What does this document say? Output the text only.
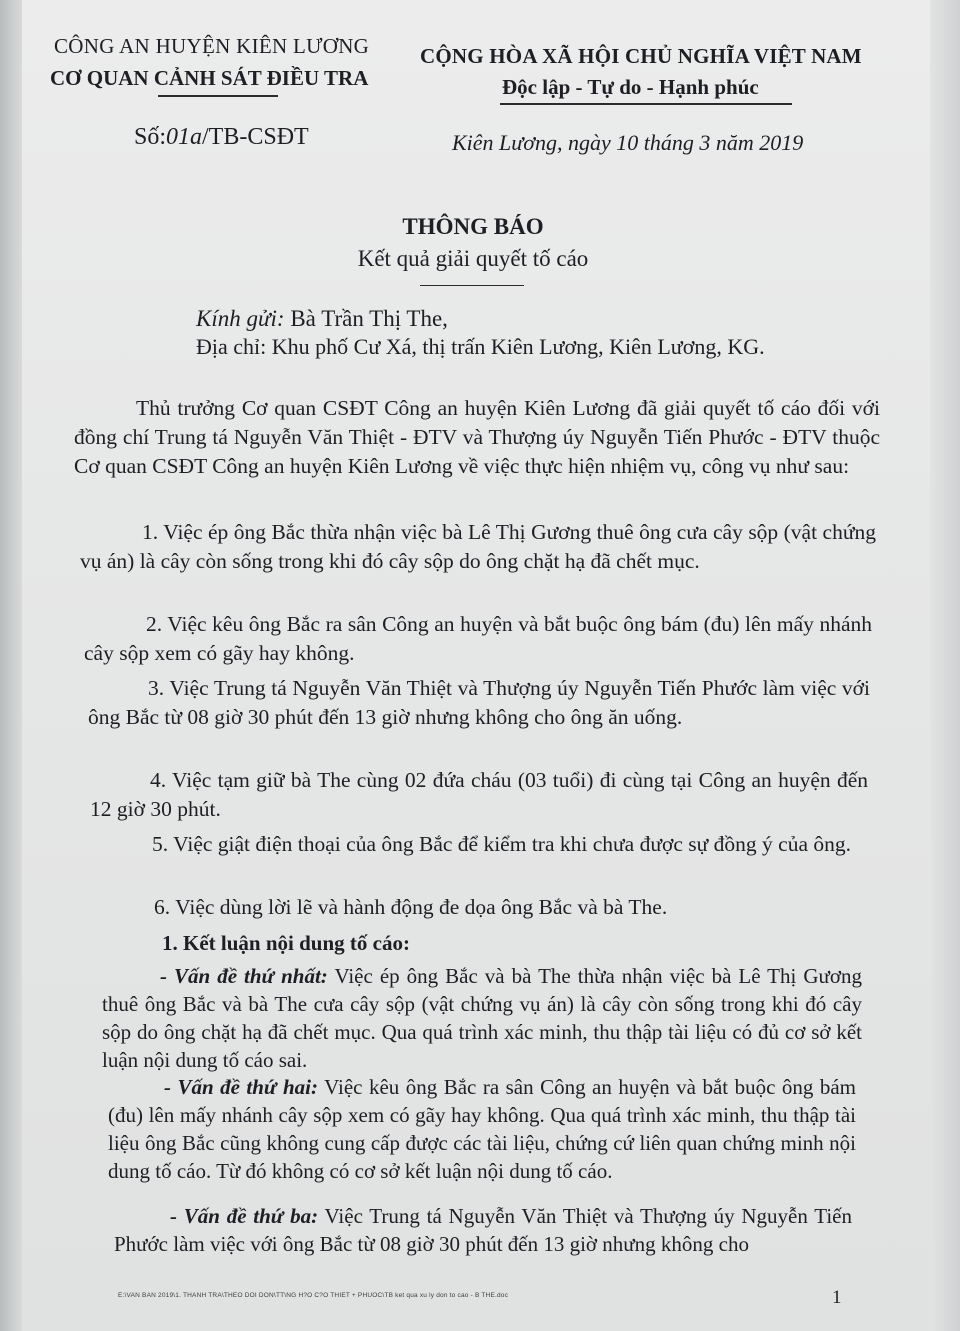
CÔNG AN HUYỆN KIÊN LƯƠNG
CƠ QUAN CẢNH SÁT ĐIỀU TRA
CỘNG HÒA XÃ HỘI CHỦ NGHĨA VIỆT NAM
Độc lập - Tự do - Hạnh phúc
Số:01a/TB-CSĐT	Kiên Lương, ngày 10 tháng 3 năm 2019
THÔNG BÁO
Kết quả giải quyết tố cáo
Kính gửi: Bà Trần Thị The,
Địa chỉ: Khu phố Cư Xá, thị trấn Kiên Lương, Kiên Lương, KG.
Thủ trưởng Cơ quan CSĐT Công an huyện Kiên Lương đã giải quyết tố cáo đối với đồng chí Trung tá Nguyễn Văn Thiệt - ĐTV và Thượng úy Nguyễn Tiến Phước - ĐTV thuộc Cơ quan CSĐT Công an huyện Kiên Lương về việc thực hiện nhiệm vụ, công vụ như sau:
1. Việc ép ông Bắc thừa nhận việc bà Lê Thị Gương thuê ông cưa cây sộp (vật chứng vụ án) là cây còn sống trong khi đó cây sộp do ông chặt hạ đã chết mục.
2. Việc kêu ông Bắc ra sân Công an huyện và bắt buộc ông bám (đu) lên mấy nhánh cây sộp xem có gãy hay không.
3. Việc Trung tá Nguyễn Văn Thiệt và Thượng úy Nguyễn Tiến Phước làm việc với ông Bắc từ 08 giờ 30 phút đến 13 giờ nhưng không cho ông ăn uống.
4. Việc tạm giữ bà The cùng 02 đứa cháu (03 tuổi) đi cùng tại Công an huyện đến 12 giờ 30 phút.
5. Việc giật điện thoại của ông Bắc để kiểm tra khi chưa được sự đồng ý của ông.
6. Việc dùng lời lẽ và hành động đe dọa ông Bắc và bà The.
1. Kết luận nội dung tố cáo:
- Vấn đề thứ nhất: Việc ép ông Bắc và bà The thừa nhận việc bà Lê Thị Gương thuê ông Bắc và bà The cưa cây sộp (vật chứng vụ án) là cây còn sống trong khi đó cây sộp do ông chặt hạ đã chết mục. Qua quá trình xác minh, thu thập tài liệu có đủ cơ sở kết luận nội dung tố cáo sai.
- Vấn đề thứ hai: Việc kêu ông Bắc ra sân Công an huyện và bắt buộc ông bám (đu) lên mấy nhánh cây sộp xem có gãy hay không. Qua quá trình xác minh, thu thập tài liệu ông Bắc cũng không cung cấp được các tài liệu, chứng cứ liên quan chứng minh nội dung tố cáo. Từ đó không có cơ sở kết luận nội dung tố cáo.
- Vấn đề thứ ba: Việc Trung tá Nguyễn Văn Thiệt và Thượng úy Nguyễn Tiến Phước làm việc với ông Bắc từ 08 giờ 30 phút đến 13 giờ nhưng không cho
E:\VAN BAN 2019\1. THANH TRA\THEO DOI DON\TT\NG H?O C?O THIET + PHUOC\TB ket qua xu ly don to cao - B THE.doc	1
